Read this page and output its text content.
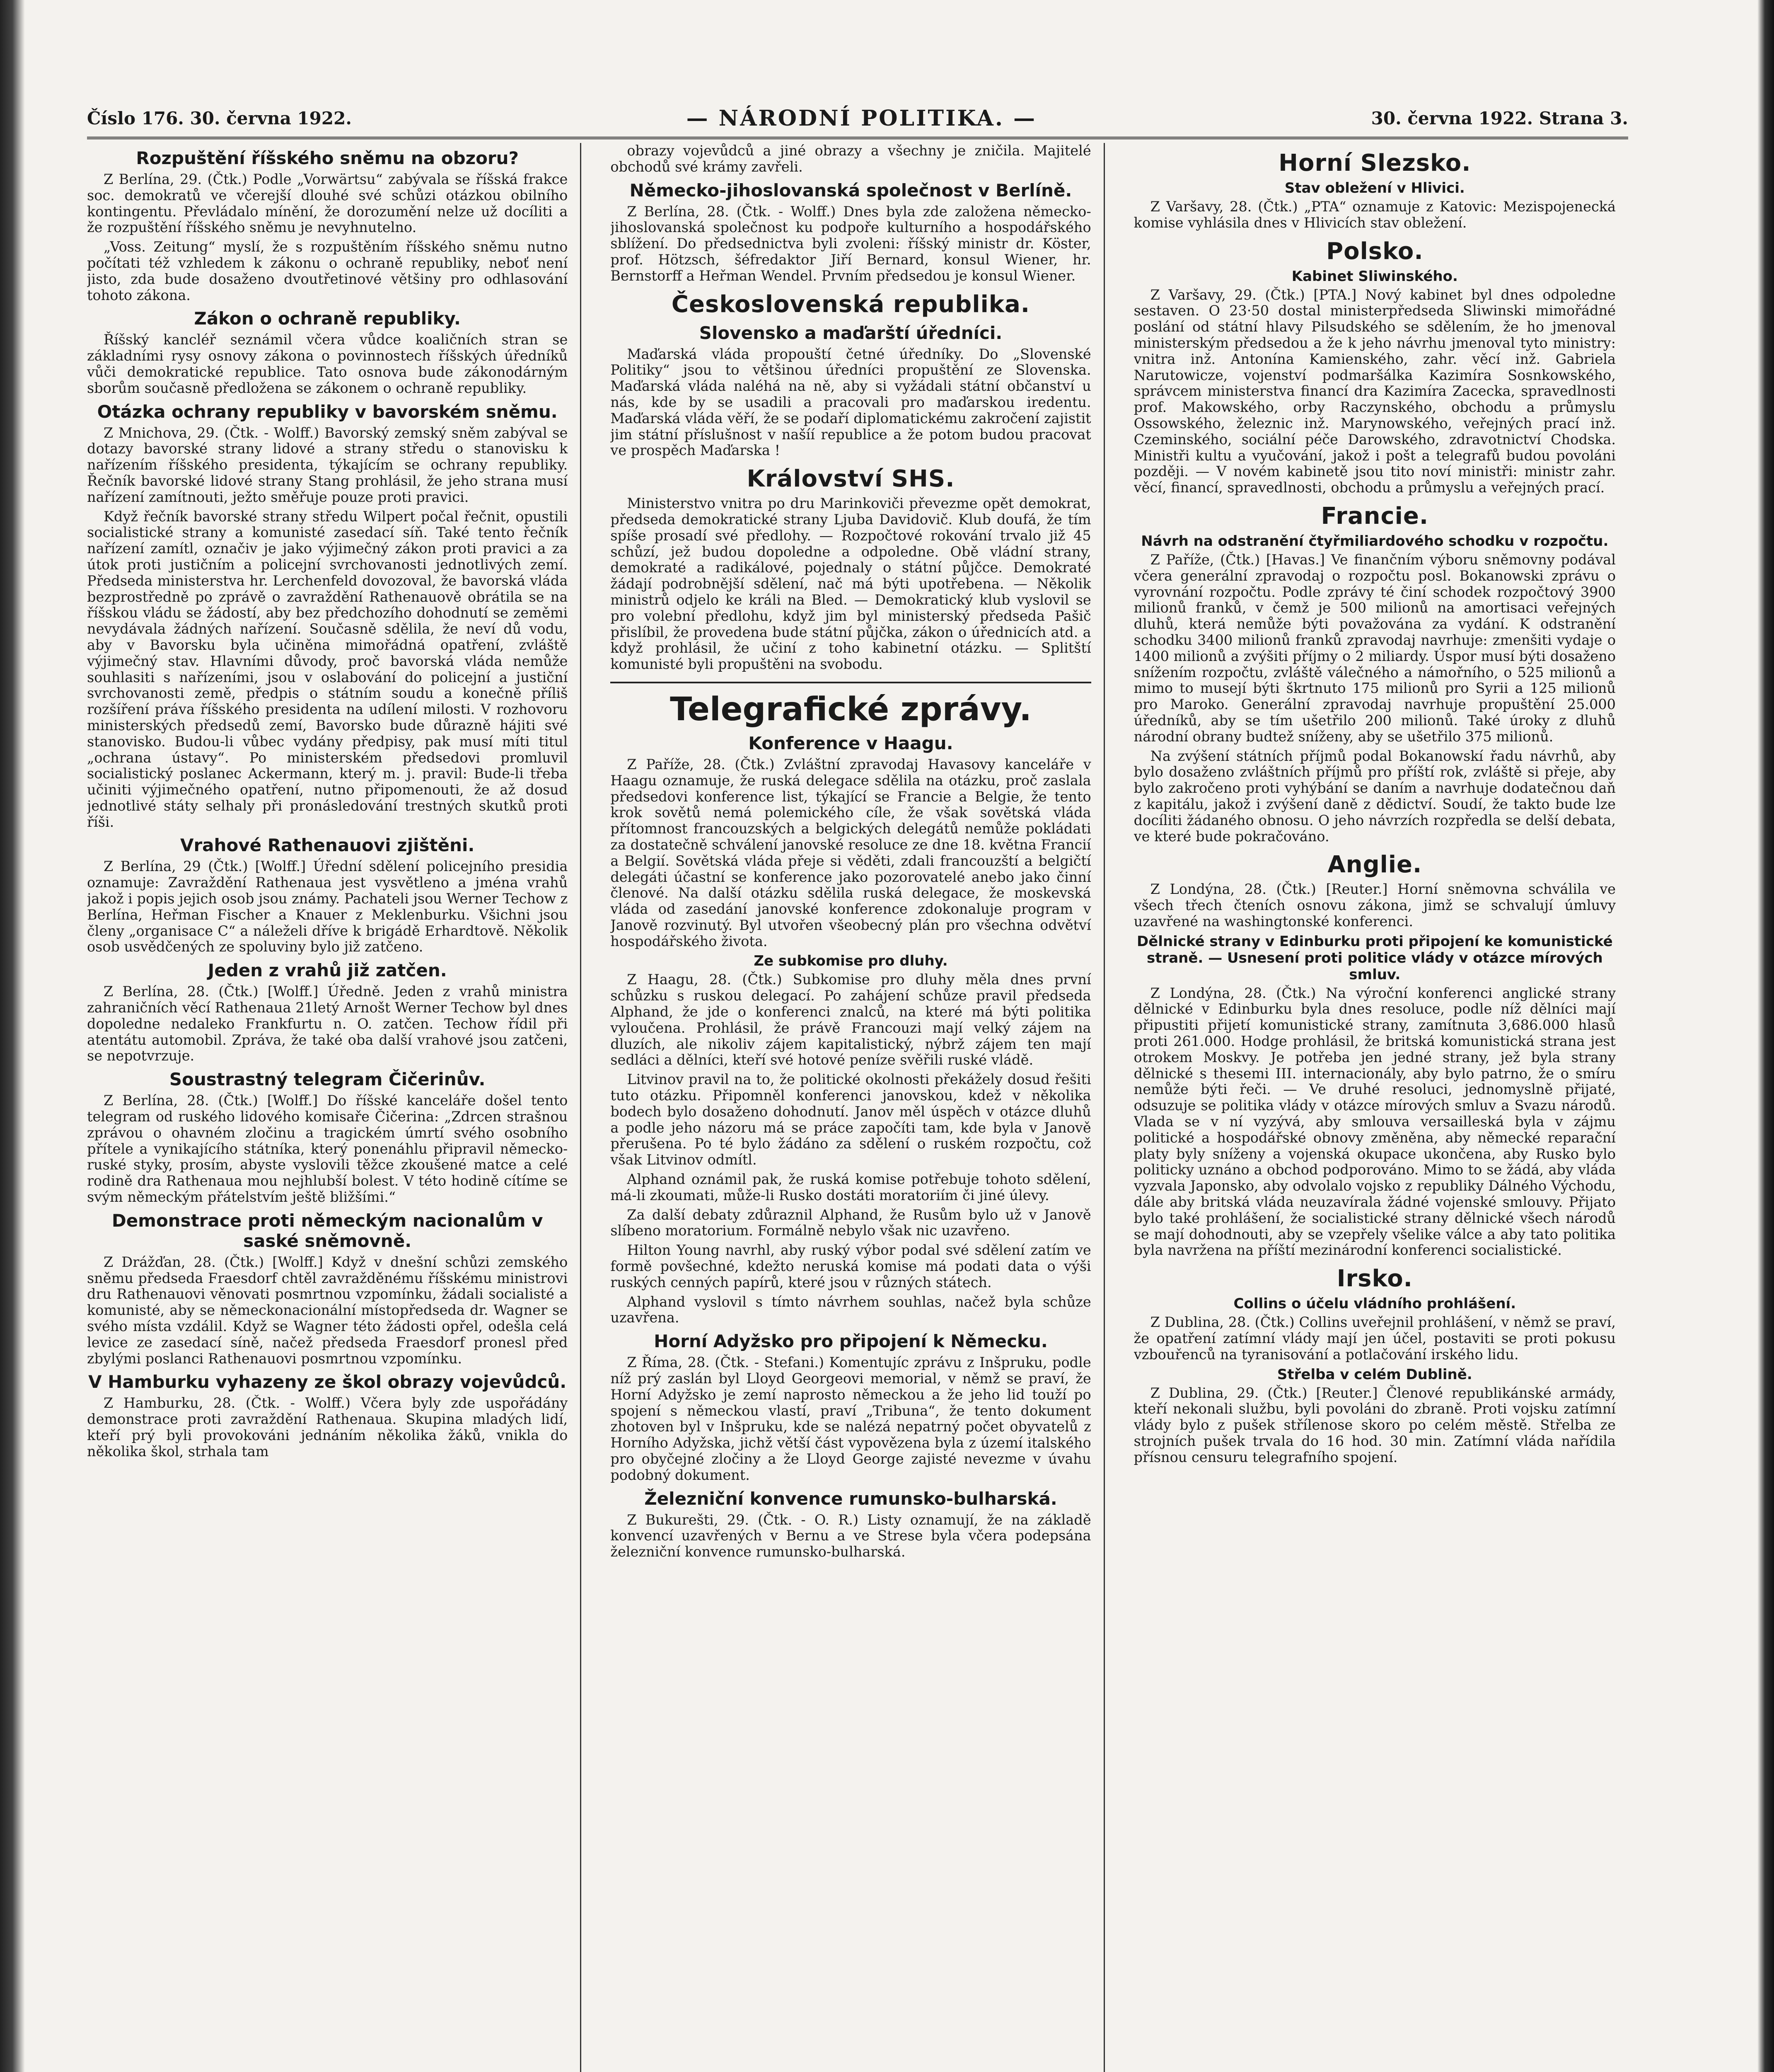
Číslo 176. 30. června 1922.	— NÁRODNÍ POLITIKA. —	30. června 1922. Strana 3.
Rozpuštění říšského sněmu na obzoru?

Z Berlína, 29. (Čtk.) Podle „Vorwärtsu“ zabývala se říšská frakce soc. demokratů ve včerejší dlouhé své schůzi otázkou obilního kontingentu. Převládalo mínění, že dorozumění nelze už docíliti a že rozpuštění říšského sněmu je nevyhnutelno.

„Voss. Zeitung“ myslí, že s rozpuštěním říšského sněmu nutno počítati též vzhledem k zákonu o ochraně republiky, neboť není jisto, zda bude dosaženo dvoutřetinové většiny pro odhlasování tohoto zákona.

Zákon o ochraně republiky.

Říšský kancléř seznámil včera vůdce koaličních stran se základními rysy osnovy zákona o povinnostech říšských úředníků vůči demokratické republice. Tato osnova bude zákonodárným sborům současně předložena se zákonem o ochraně republiky.

Otázka ochrany republiky v bavorském sněmu.

Z Mnichova, 29. (Čtk. - Wolff.) Bavorský zemský sněm zabýval se dotazy bavorské strany lidové a strany středu o stanovisku k nařízením říšského presidenta, týkajícím se ochrany republiky. Řečník bavorské lidové strany Stang prohlásil, že jeho strana musí nařízení zamítnouti, ježto směřuje pouze proti pravici.

Když řečník bavorské strany středu Wilpert počal řečnit, opustili socialistické strany a komunisté zasedací síň. Také tento řečník nařízení zamítl, označiv je jako výjimečný zákon proti pravici a za útok proti justičním a policejní svrchovanosti jednotlivých zemí. Předseda ministerstva hr. Lerchenfeld dovozoval, že bavorská vláda bezprostředně po zprávě o zavraždění Rathenauově obrátila se na říšskou vládu se žádostí, aby bez předchozího dohodnutí se zeměmi nevydávala žádných nařízení. Současně sdělila, že neví dů vodu, aby v Bavorsku byla učiněna mimořádná opatření, zvláště výjimečný stav. Hlavními důvody, proč bavorská vláda nemůže souhlasiti s nařízeními, jsou v oslabování do policejní a justiční svrchovanosti země, předpis o státním soudu a konečně příliš rozšíření práva říšského presidenta na udílení milosti. V rozhovoru ministerských předsedů zemí, Bavorsko bude důrazně hájiti své stanovisko. Budou-li vůbec vydány předpisy, pak musí míti titul „ochrana ústavy“. Po ministerském předsedovi promluvil socialistický poslanec Ackermann, který m. j. pravil: Bude-li třeba učiniti výjimečného opatření, nutno připomenouti, že až dosud jednotlivé státy selhaly při pronásledování trestných skutků proti říši.

Vrahové Rathenauovi zjištěni.

Z Berlína, 29 (Čtk.) [Wolff.] Úřední sdělení policejního presidia oznamuje: Zavraždění Rathenaua jest vysvětleno a jména vrahů jakož i popis jejich osob jsou známy. Pachateli jsou Werner Techow z Berlína, Heřman Fischer a Knauer z Meklenburku. Všichni jsou členy „organisace C“ a náleželi dříve k brigádě Erhardtově. Několik osob usvědčených ze spoluviny bylo již zatčeno.

Jeden z vrahů již zatčen.

Z Berlína, 28. (Čtk.) [Wolff.] Úředně. Jeden z vrahů ministra zahraničních věcí Rathenaua 21letý Arnošt Werner Techow byl dnes dopoledne nedaleko Frankfurtu n. O. zatčen. Techow řídil při atentátu automobil. Zpráva, že také oba další vrahové jsou zatčeni, se nepotvrzuje.

Soustrastný telegram Čičerinův.

Z Berlína, 28. (Čtk.) [Wolff.] Do říšské kanceláře došel tento telegram od ruského lidového komisaře Čičerina: „Zdrcen strašnou zprávou o ohavném zločinu a tragickém úmrtí svého osobního přítele a vynikajícího státníka, který ponenáhlu připravil německo-ruské styky, prosím, abyste vyslovili těžce zkoušené matce a celé rodině dra Rathenaua mou nejhlubší bolest. V této hodině cítíme se svým německým přátelstvím ještě bližšími.“

Demonstrace proti německým nacionalům v saské sněmovně.

Z Drážďan, 28. (Čtk.) [Wolff.] Když v dnešní schůzi zemského sněmu předseda Fraesdorf chtěl zavražděnému říšskému ministrovi dru Rathenauovi věnovati posmrtnou vzpomínku, žádali socialisté a komunisté, aby se německonacionální místopředseda dr. Wagner se svého místa vzdálil. Když se Wagner této žádosti opřel, odešla celá levice ze zasedací síně, načež předseda Fraesdorf pronesl před zbylými poslanci Rathenauovi posmrtnou vzpomínku.

V Hamburku vyhazeny ze škol obrazy vojevůdců.

Z Hamburku, 28. (Čtk. - Wolff.) Včera byly zde uspořádány demonstrace proti zavraždění Rathenaua. Skupina mladých lidí, kteří prý byli provokováni jednáním několika žáků, vnikla do několika škol, strhala tam

obrazy vojevůdců a jiné obrazy a všechny je zničila. Majitelé obchodů své krámy zavřeli.

Německo-jihoslovanská společnost v Berlíně.

Z Berlína, 28. (Čtk. - Wolff.) Dnes byla zde založena německo-jihoslovanská společnost ku podpoře kulturního a hospodářského sblížení. Do předsednictva byli zvoleni: říšský ministr dr. Köster, prof. Hötzsch, šéfredaktor Jiří Bernard, konsul Wiener, hr. Bernstorff a Heřman Wendel. Prvním předsedou je konsul Wiener.

Československá republika.
Slovensko a maďarští úředníci.

Maďarská vláda propouští četné úředníky. Do „Slovenské Politiky“ jsou to většinou úředníci propuštění ze Slovenska. Maďarská vláda naléhá na ně, aby si vyžádali státní občanství u nás, kde by se usadili a pracovali pro maďarskou iredentu. Maďarská vláda věří, že se podaří diplomatickému zakročení zajistit jim státní příslušnost v našíí republice a že potom budou pracovat ve prospěch Maďarska !

Království SHS.

Ministerstvo vnitra po dru Marinkoviči převezme opět demokrat, předseda demokratické strany Ljuba Davidovič. Klub doufá, že tím spíše prosadí své předlohy. — Rozpočtové rokování trvalo již 45 schůzí, jež budou dopoledne a odpoledne. Obě vládní strany, demokraté a radikálové, pojednaly o státní půjčce. Demokraté žádají podrobnější sdělení, nač má býti upotřebena. — Několik ministrů odjelo ke králi na Bled. — Demokratický klub vyslovil se pro volební předlohu, když jim byl ministerský předseda Pašič přislíbil, že provedena bude státní půjčka, zákon o úřednicích atd. a když prohlásil, že učiní z toho kabinetní otázku. — Splitští komunisté byli propuštěni na svobodu.

Telegrafické zprávy.
Konference v Haagu.

Z Paříže, 28. (Čtk.) Zvláštní zpravodaj Havasovy kanceláře v Haagu oznamuje, že ruská delegace sdělila na otázku, proč zaslala předsedovi konference list, týkající se Francie a Belgie, že tento krok sovětů nemá polemického cíle, že však sovětská vláda přítomnost francouzských a belgických delegátů nemůže pokládati za dostatečně schválení janovské resoluce ze dne 18. května Francií a Belgií. Sovětská vláda přeje si věděti, zdali francouzští a belgičtí delegáti účastní se konference jako pozorovatelé anebo jako činní členové. Na další otázku sdělila ruská delegace, že moskevská vláda od zasedání janovské konference zdokonaluje program v Janově rozvinutý. Byl utvořen všeobecný plán pro všechna odvětví hospodářského života.

Ze subkomise pro dluhy.

Z Haagu, 28. (Čtk.) Subkomise pro dluhy měla dnes první schůzku s ruskou delegací. Po zahájení schůze pravil předseda Alphand, že jde o konferenci znalců, na které má býti politika vyloučena. Prohlásil, že právě Francouzi mají velký zájem na dluzích, ale nikoliv zájem kapitalistický, nýbrž zájem ten mají sedláci a dělníci, kteří své hotové peníze svěřili ruské vládě.

Litvinov pravil na to, že politické okolnosti překážely dosud řešiti tuto otázku. Připomněl konferenci janovskou, kdež v několika bodech bylo dosaženo dohodnutí. Janov měl úspěch v otázce dluhů a podle jeho názoru má se práce započíti tam, kde byla v Janově přerušena. Po té bylo žádáno za sdělení o ruském rozpočtu, což však Litvinov odmítl.

Alphand oznámil pak, že ruská komise potřebuje tohoto sdělení, má-li zkoumati, může-li Rusko dostáti moratoriím či jiné úlevy.

Za další debaty zdůraznil Alphand, že Rusům bylo už v Janově slíbeno moratorium. Formálně nebylo však nic uzavřeno.

Hilton Young navrhl, aby ruský výbor podal své sdělení zatím ve formě povšechné, kdežto neruská komise má podati data o výši ruských cenných papírů, které jsou v různých státech.

Alphand vyslovil s tímto návrhem souhlas, načež byla schůze uzavřena.

Horní Adyžsko pro připojení k Německu.

Z Říma, 28. (Čtk. - Stefani.) Komentujíc zprávu z Inšpruku, podle níž prý zaslán byl Lloyd Georgeovi memorial, v němž se praví, že Horní Adyžsko je zemí naprosto německou a že jeho lid touží po spojení s německou vlastí, praví „Tribuna“, že tento dokument zhotoven byl v Inšpruku, kde se nalézá nepatrný počet obyvatelů z Horního Adyžska, jichž větší část vypovězena byla z území italského pro obyčejné zločiny a že Lloyd George zajisté nevezme v úvahu podobný dokument.

Železniční konvence rumunsko-bulharská.

Z Bukurešti, 29. (Čtk. - O. R.) Listy oznamují, že na základě konvencí uzavřených v Bernu a ve Strese byla včera podepsána železniční konvence rumunsko-bulharská.

Horní Slezsko.
Stav obležení v Hlivici.

Z Varšavy, 28. (Čtk.) „PTA“ oznamuje z Katovic: Mezispojenecká komise vyhlásila dnes v Hlivicích stav obležení.

Polsko.
Kabinet Sliwinského.

Z Varšavy, 29. (Čtk.) [PTA.] Nový kabinet byl dnes odpoledne sestaven. O 23·50 dostal ministerpředseda Sliwinski mimořádné poslání od státní hlavy Pilsudského se sdělením, že ho jmenoval ministerským předsedou a že k jeho návrhu jmenoval tyto ministry: vnitra inž. Antonína Kamienského, zahr. věcí inž. Gabriela Narutowicze, vojenství podmaršálka Kazimíra Sosnkowského, správcem ministerstva financí dra Kazimíra Zacecka, spravedlnosti prof. Makowského, orby Raczynského, obchodu a průmyslu Ossowského, železnic inž. Marynowského, veřejných prací inž. Czeminského, sociální péče Darowského, zdravotnictví Chodska. Ministři kultu a vyučování, jakož i pošt a telegrafů budou povoláni později. — V novém kabinetě jsou tito noví ministři: ministr zahr. věcí, financí, spravedlnosti, obchodu a průmyslu a veřejných prací.

Francie.
Návrh na odstranění čtyřmiliardového schodku v rozpočtu.

Z Paříže, (Čtk.) [Havas.] Ve finančním výboru sněmovny podával včera generální zpravodaj o rozpočtu posl. Bokanowski zprávu o vyrovnání rozpočtu. Podle zprávy té činí schodek rozpočtový 3900 milionů franků, v čemž je 500 milionů na amortisaci veřejných dluhů, která nemůže býti považována za vydání. K odstranění schodku 3400 milionů franků zpravodaj navrhuje: zmenšiti vydaje o 1400 milionů a zvýšiti příjmy o 2 miliardy. Úspor musí býti dosaženo snížením rozpočtu, zvláště válečného a námořního, o 525 milionů a mimo to musejí býti škrtnuto 175 milionů pro Syrii a 125 milionů pro Maroko. Generální zpravodaj navrhuje propuštění 25.000 úředníků, aby se tím ušetřilo 200 milionů. Také úroky z dluhů národní obrany budtež sníženy, aby se ušetřilo 375 milionů.

Na zvýšení státních příjmů podal Bokanowskí řadu návrhů, aby bylo dosaženo zvláštních příjmů pro příští rok, zvláště si přeje, aby bylo zakročeno proti vyhýbání se daním a navrhuje dodatečnou daň z kapitálu, jakož i zvýšení daně z dědictví. Soudí, že takto bude lze docíliti žádaného obnosu. O jeho návrzích rozpředla se delší debata, ve které bude pokračováno.

Anglie.

Z Londýna, 28. (Čtk.) [Reuter.] Horní sněmovna schválila ve všech třech čteních osnovu zákona, jimž se schvalují úmluvy uzavřené na washingtonské konferenci.

Dělnické strany v Edinburku proti připojení ke komunistické straně. — Usnesení proti politice vlády v otázce mírových smluv.

Z Londýna, 28. (Čtk.) Na výroční konferenci anglické strany dělnické v Edinburku byla dnes resoluce, podle níž dělníci mají připustiti přijetí komunistické strany, zamítnuta 3,686.000 hlasů proti 261.000. Hodge prohlásil, že britská komunistická strana jest otrokem Moskvy. Je potřeba jen jedné strany, jež byla strany dělnické s thesemi III. internacionály, aby bylo patrno, že o smíru nemůže býti řeči. — Ve druhé resoluci, jednomyslně přijaté, odsuzuje se politika vlády v otázce mírových smluv a Svazu národů. Vlada se v ní vyzývá, aby smlouva versailleská byla v zájmu politické a hospodářské obnovy změněna, aby německé reparační platy byly sníženy a vojenská okupace ukončena, aby Rusko bylo politicky uznáno a obchod podporováno. Mimo to se žádá, aby vláda vyzvala Japonsko, aby odvolalo vojsko z republiky Dálného Východu, dále aby britská vláda neuzavírala žádné vojenské smlouvy. Přijato bylo také prohlášení, že socialistické strany dělnické všech národů se mají dohodnouti, aby se vzepřely všelike válce a aby tato politika byla navržena na příští mezinárodní konferenci socialistické.

Irsko.
Collins o účelu vládního prohlášení.

Z Dublina, 28. (Čtk.) Collins uveřejnil prohlášení, v němž se praví, že opatření zatímní vlády mají jen účel, postaviti se proti pokusu vzbouřenců na tyranisování a potlačování irského lidu.

Střelba v celém Dublině.

Z Dublina, 29. (Čtk.) [Reuter.] Členové republikánské armády, kteří nekonali službu, byli povoláni do zbraně. Proti vojsku zatímní vlády bylo z pušek střílenose skoro po celém městě. Střelba ze strojních pušek trvala do 16 hod. 30 min. Zatímní vláda nařídila přísnou censuru telegrafního spojení.
